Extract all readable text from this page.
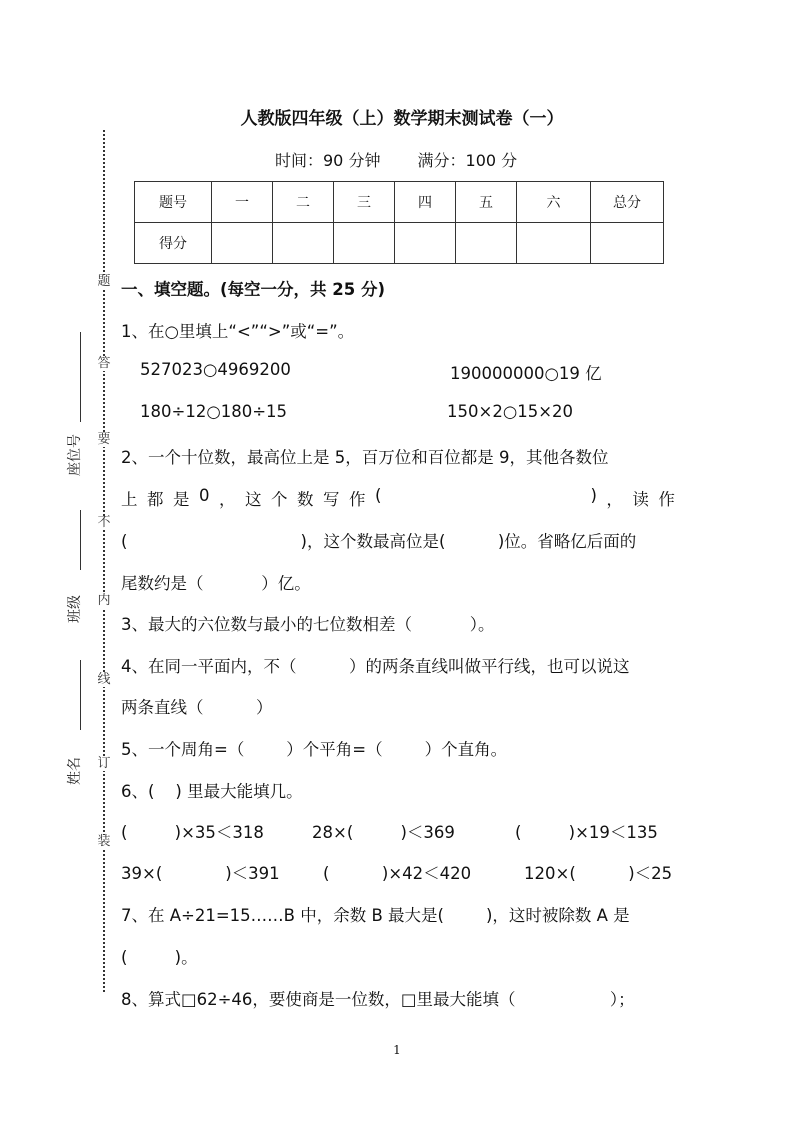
题
答
要
不
内
线
订
装
座位号
班级
姓名
人教版四年级（上）数学期末测试卷（一）
时间：90 分钟 满分：100 分
题号	一	二	三	四	五	六	总分
得分							
一、填空题。(每空一分，共 25 分)
1、在○里填上“<”“>”或“=”。
527023○4969200	190000000○19 亿
180÷12○180÷15	150×2○15×20
2、一个十位数，最高位上是 5，百万位和百位都是 9，其他各数位
上 都 是 0 ， 这 个 数 写 作 (	) ， 读 作
(                                 )，这个数最高位是(          )位。省略亿后面的
尾数约是（           ）亿。
3、最大的六位数与最小的七位数相差（           ）。
4、在同一平面内，不（          ）的两条直线叫做平行线，也可以说这
两条直线（          ）
5、一个周角=（        ）个平角=（        ）个直角。
6、(    ) 里最大能填几。
(         )×35＜318	28×(         )＜369	(         )×19＜135
39×(            )＜391	(          )×42＜420	120×(          )＜25
7、在 A÷21=15……B 中，余数 B 最大是(        )，这时被除数 A 是
(         )。
8、算式□62÷46，要使商是一位数，□里最大能填（                  ）；
1
